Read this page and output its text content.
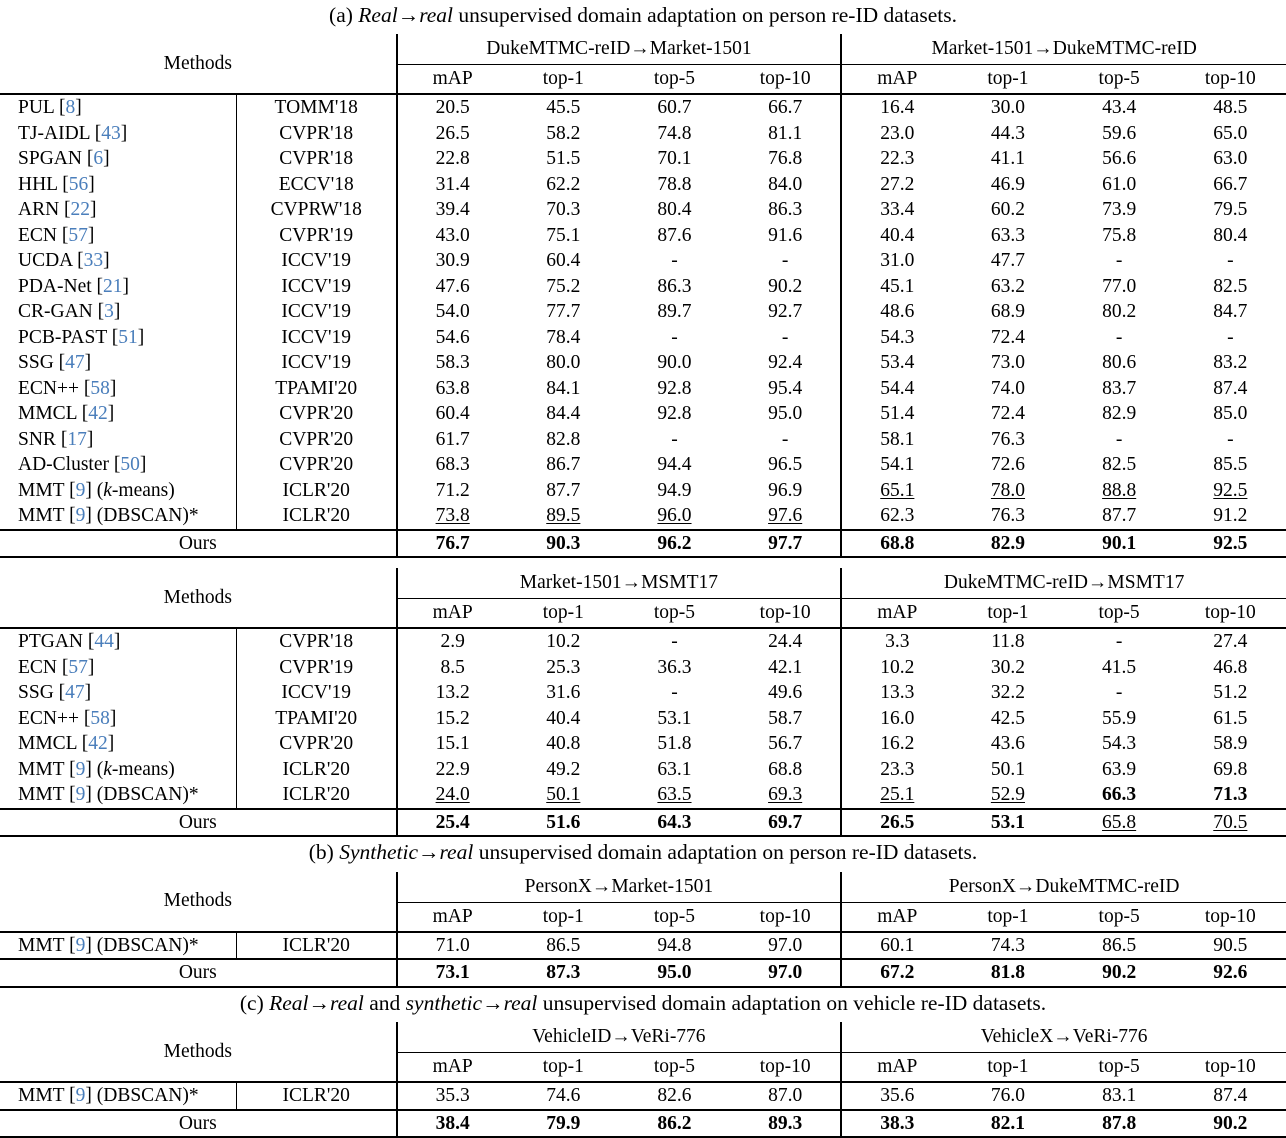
(a) Real→real unsupervised domain adaptation on person re-ID datasets.
Methods		DukeMTMC-reID→Market-1501				Market-1501→DukeMTMC-reID			
		mAP	top-1	top-5	top-10	mAP	top-1	top-5	top-10
PUL [8]	TOMM'18	20.5	45.5	60.7	66.7	16.4	30.0	43.4	48.5
TJ-AIDL [43]	CVPR'18	26.5	58.2	74.8	81.1	23.0	44.3	59.6	65.0
SPGAN [6]	CVPR'18	22.8	51.5	70.1	76.8	22.3	41.1	56.6	63.0
HHL [56]	ECCV'18	31.4	62.2	78.8	84.0	27.2	46.9	61.0	66.7
ARN [22]	CVPRW'18	39.4	70.3	80.4	86.3	33.4	60.2	73.9	79.5
ECN [57]	CVPR'19	43.0	75.1	87.6	91.6	40.4	63.3	75.8	80.4
UCDA [33]	ICCV'19	30.9	60.4	-	-	31.0	47.7	-	-
PDA-Net [21]	ICCV'19	47.6	75.2	86.3	90.2	45.1	63.2	77.0	82.5
CR-GAN [3]	ICCV'19	54.0	77.7	89.7	92.7	48.6	68.9	80.2	84.7
PCB-PAST [51]	ICCV'19	54.6	78.4	-	-	54.3	72.4	-	-
SSG [47]	ICCV'19	58.3	80.0	90.0	92.4	53.4	73.0	80.6	83.2
ECN++ [58]	TPAMI'20	63.8	84.1	92.8	95.4	54.4	74.0	83.7	87.4
MMCL [42]	CVPR'20	60.4	84.4	92.8	95.0	51.4	72.4	82.9	85.0
SNR [17]	CVPR'20	61.7	82.8	-	-	58.1	76.3	-	-
AD-Cluster [50]	CVPR'20	68.3	86.7	94.4	96.5	54.1	72.6	82.5	85.5
MMT [9] (k-means)	ICLR'20	71.2	87.7	94.9	96.9	65.1	78.0	88.8	92.5
MMT [9] (DBSCAN)*	ICLR'20	73.8	89.5	96.0	97.6	62.3	76.3	87.7	91.2
Ours		76.7	90.3	96.2	97.7	68.8	82.9	90.1	92.5

Methods		Market-1501→MSMT17				DukeMTMC-reID→MSMT17			
		mAP	top-1	top-5	top-10	mAP	top-1	top-5	top-10
PTGAN [44]	CVPR'18	2.9	10.2	-	24.4	3.3	11.8	-	27.4
ECN [57]	CVPR'19	8.5	25.3	36.3	42.1	10.2	30.2	41.5	46.8
SSG [47]	ICCV'19	13.2	31.6	-	49.6	13.3	32.2	-	51.2
ECN++ [58]	TPAMI'20	15.2	40.4	53.1	58.7	16.0	42.5	55.9	61.5
MMCL [42]	CVPR'20	15.1	40.8	51.8	56.7	16.2	43.6	54.3	58.9
MMT [9] (k-means)	ICLR'20	22.9	49.2	63.1	68.8	23.3	50.1	63.9	69.8
MMT [9] (DBSCAN)*	ICLR'20	24.0	50.1	63.5	69.3	25.1	52.9	66.3	71.3
Ours		25.4	51.6	64.3	69.7	26.5	53.1	65.8	70.5

(b) Synthetic→real unsupervised domain adaptation on person re-ID datasets.
Methods		PersonX→Market-1501				PersonX→DukeMTMC-reID			
		mAP	top-1	top-5	top-10	mAP	top-1	top-5	top-10
MMT [9] (DBSCAN)*	ICLR'20	71.0	86.5	94.8	97.0	60.1	74.3	86.5	90.5
Ours		73.1	87.3	95.0	97.0	67.2	81.8	90.2	92.6

(c) Real→real and synthetic→real unsupervised domain adaptation on vehicle re-ID datasets.
Methods		VehicleID→VeRi-776				VehicleX→VeRi-776			
		mAP	top-1	top-5	top-10	mAP	top-1	top-5	top-10
MMT [9] (DBSCAN)*	ICLR'20	35.3	74.6	82.6	87.0	35.6	76.0	83.1	87.4
Ours		38.4	79.9	86.2	89.3	38.3	82.1	87.8	90.2
